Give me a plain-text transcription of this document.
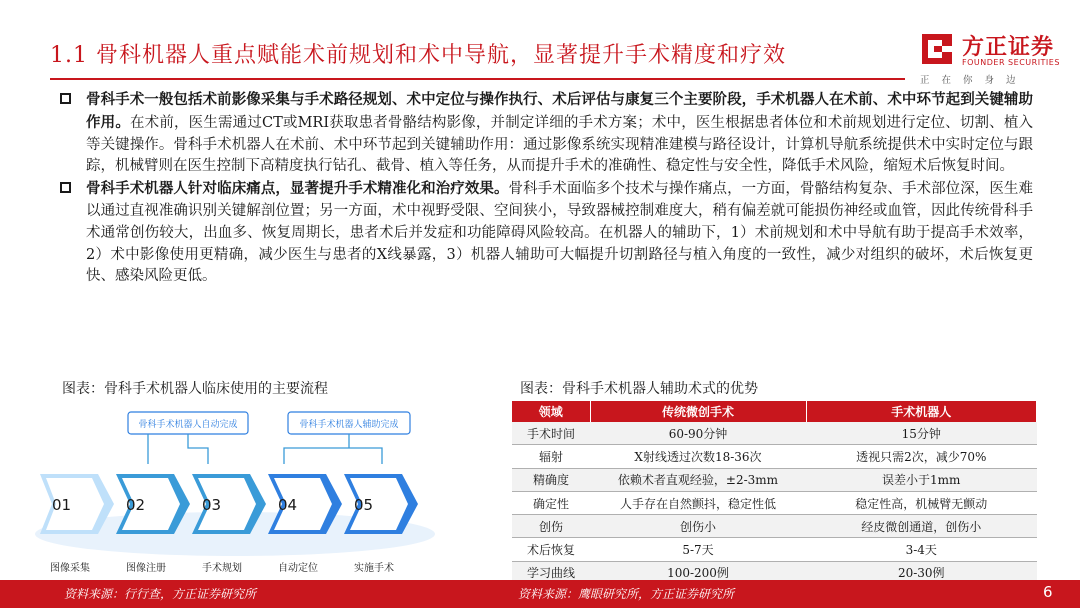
1.1 骨科机器人重点赋能术前规划和术中导航，显著提升手术精度和疗效	方正证券
FOUNDER SECURITIES
正在你身边
骨科手术一般包括术前影像采集与手术路径规划、术中定位与操作执行、术后评估与康复三个主要阶段，手术机器人在术前、术中环节起到关键辅助作用。在术前，医生需通过CT或MRI获取患者骨骼结构影像，并制定详细的手术方案；术中，医生根据患者体位和术前规划进行定位、切割、植入等关键操作。骨科手术机器人在术前、术中环节起到关键辅助作用：通过影像系统实现精准建模与路径设计，计算机导航系统提供术中实时定位与跟踪，机械臂则在医生控制下高精度执行钻孔、截骨、植入等任务，从而提升手术的准确性、稳定性与安全性，降低手术风险，缩短术后恢复时间。
骨科手术机器人针对临床痛点，显著提升手术精准化和治疗效果。骨科手术面临多个技术与操作痛点，一方面，骨骼结构复杂、手术部位深，医生难以通过直视准确识别关键解剖位置；另一方面，术中视野受限、空间狭小，导致器械控制难度大，稍有偏差就可能损伤神经或血管，因此传统骨科手术通常创伤较大，出血多、恢复周期长，患者术后并发症和功能障碍风险较高。在机器人的辅助下，1）术前规划和术中导航有助于提高手术效率，2）术中影像使用更精确，减少医生与患者的X线暴露，3）机器人辅助可大幅提升切割路径与植入角度的一致性，减少对组织的破坏，术后恢复更快、感染风险更低。
图表：骨科手术机器人临床使用的主要流程	图表：骨科手术机器人辅助术式的优势
骨科手术机器人自动完成	骨科手术机器人辅助完成
01	02	03	04	05
图像采集	图像注册	手术规划	自动定位	实施手术
领域	传统微创手术	手术机器人
手术时间	60-90分钟	15分钟
辐射	X射线透过次数18-36次	透视只需2次，减少70%
精确度	依赖术者直观经验，±2-3mm	误差小于1mm
确定性	人手存在自然颤抖，稳定性低	稳定性高，机械臂无颤动
创伤	创伤小	经皮微创通道，创伤小
术后恢复	5-7天	3-4天
学习曲线	100-200例	20-30例
资料来源：行行查，方正证券研究所	资料来源：鹰眼研究所，方正证券研究所	6
